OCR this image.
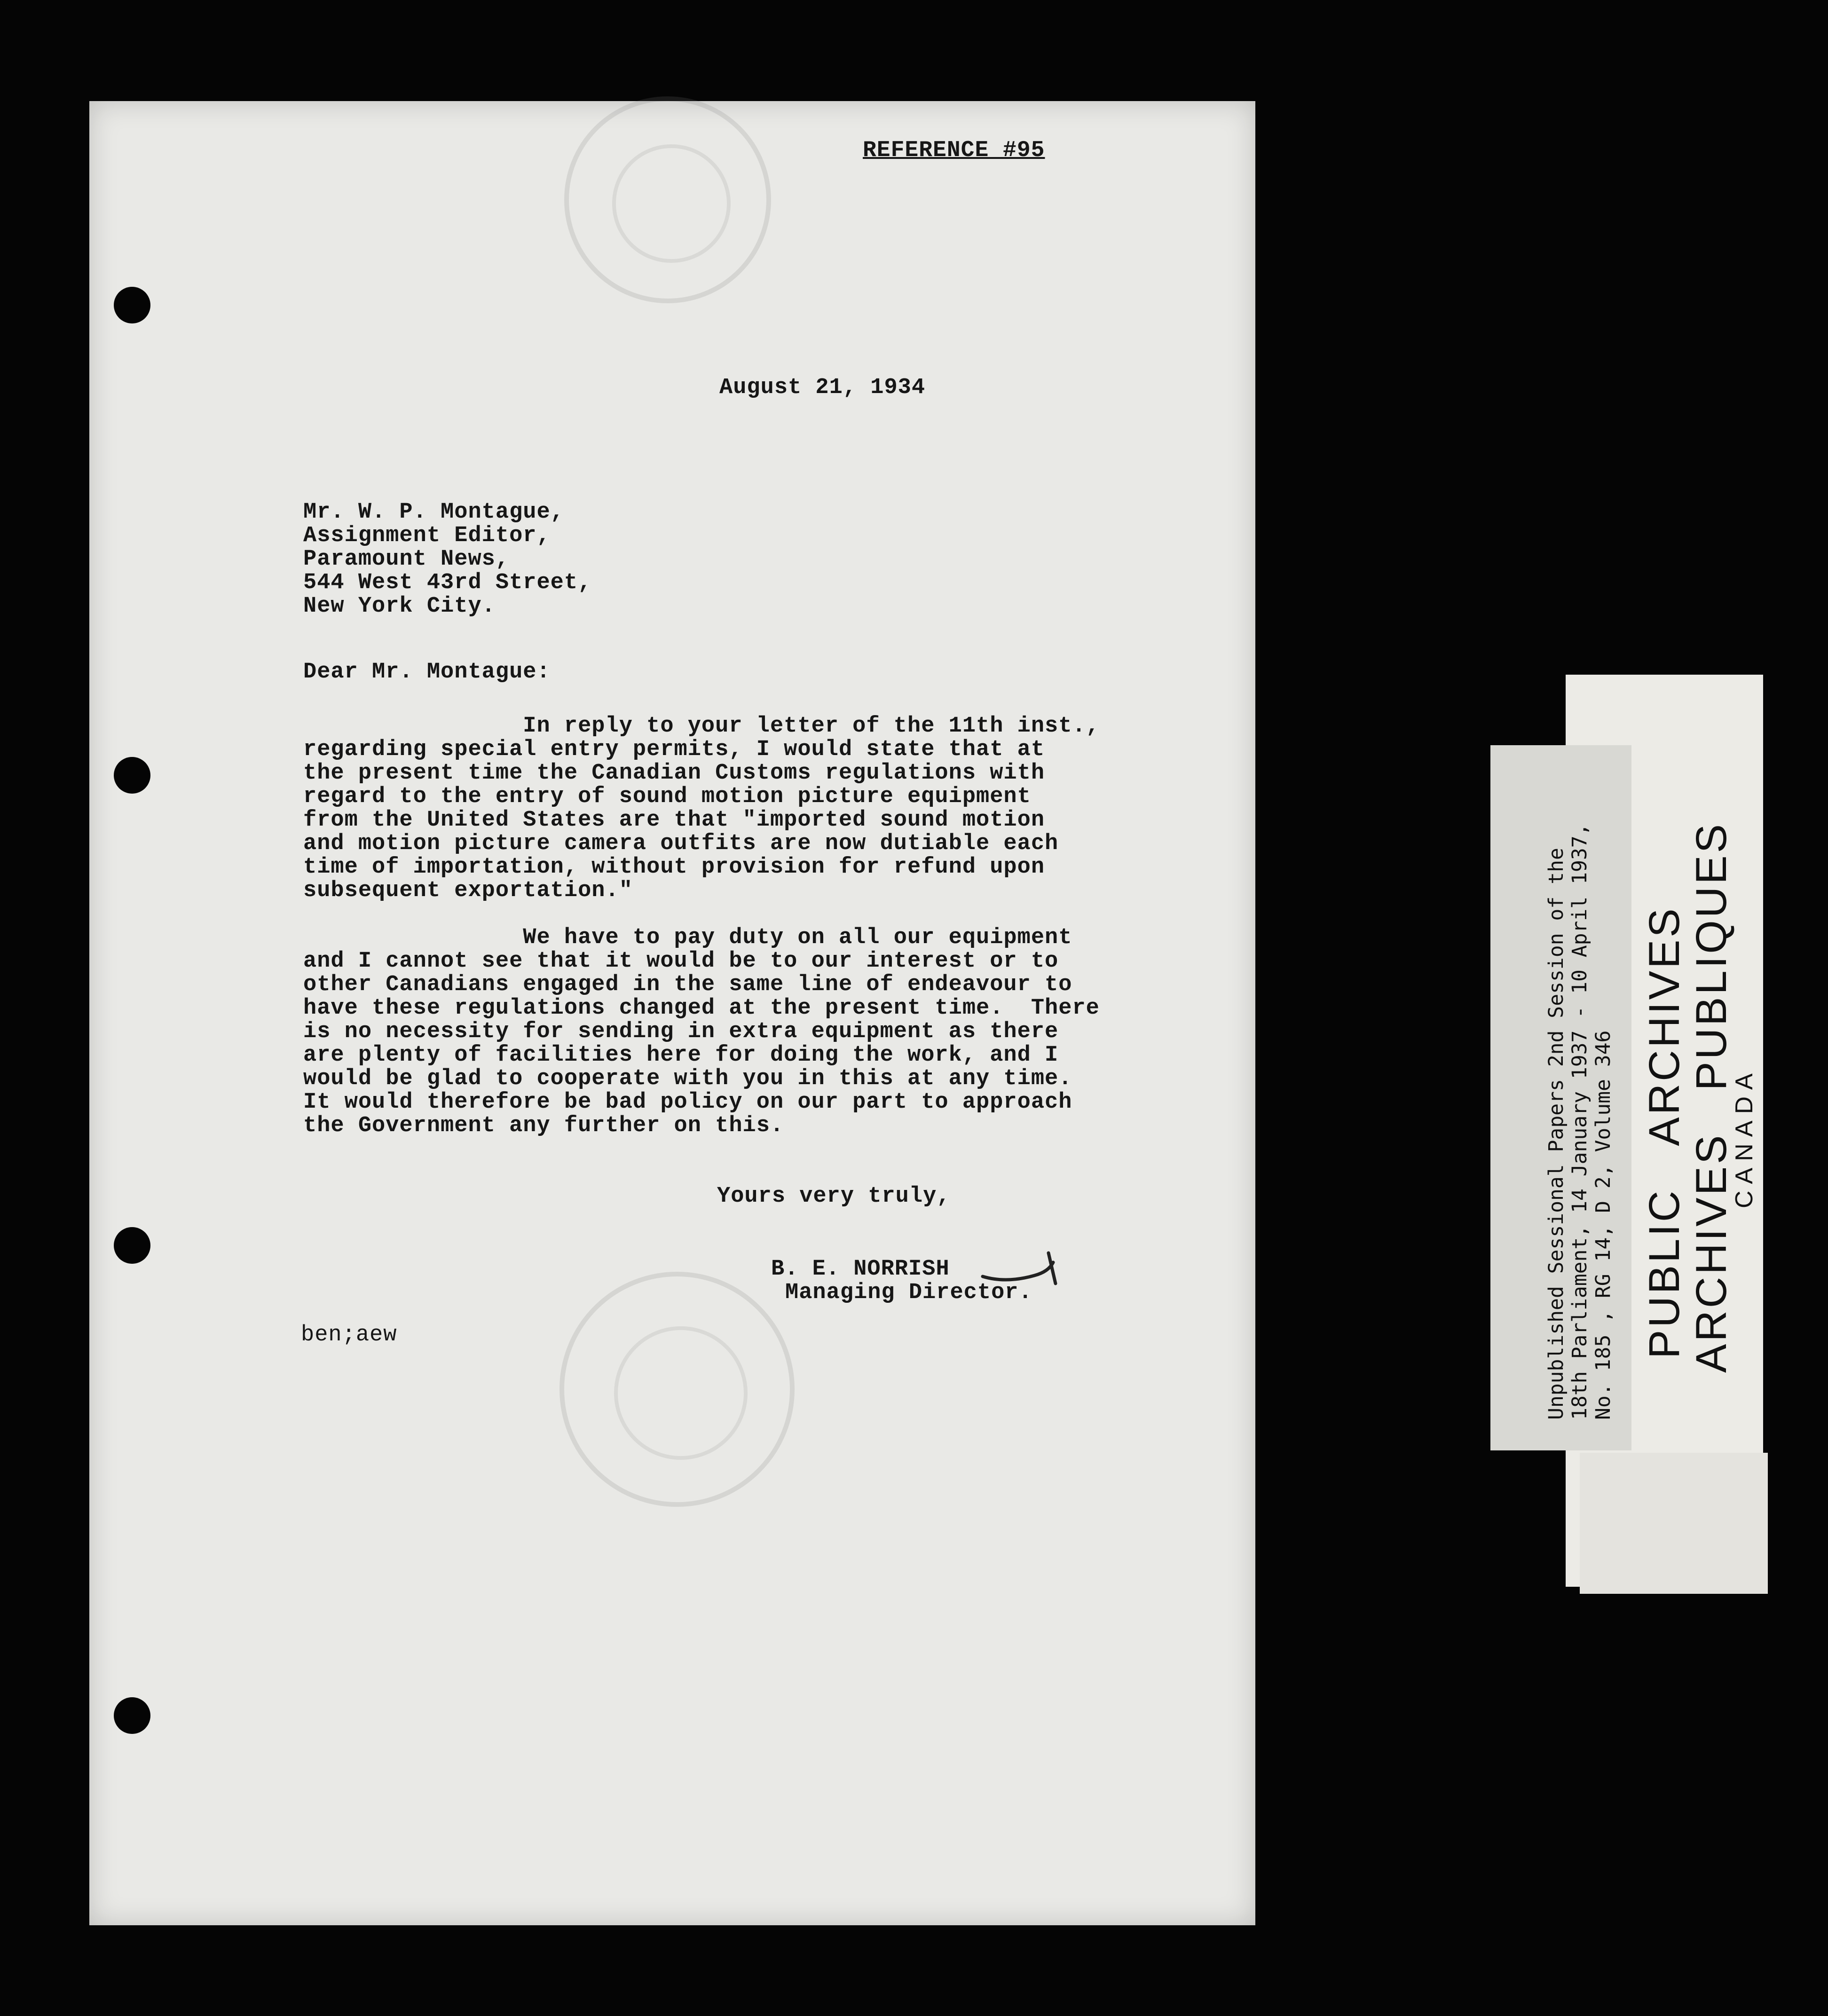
REFERENCE #95
August 21, 1934
Mr. W. P. Montague,
Assignment Editor,
Paramount News,
544 West 43rd Street,
New York City.
Dear Mr. Montague:
In reply to your letter of the 11th inst.,
regarding special entry permits, I would state that at
the present time the Canadian Customs regulations with
regard to the entry of sound motion picture equipment
from the United States are that "imported sound motion
and motion picture camera outfits are now dutiable each
time of importation, without provision for refund upon
subsequent exportation."
We have to pay duty on all our equipment
and I cannot see that it would be to our interest or to
other Canadians engaged in the same line of endeavour to
have these regulations changed at the present time.  There
is no necessity for sending in extra equipment as there
are plenty of facilities here for doing the work, and I
would be glad to cooperate with you in this at any time.
It would therefore be bad policy on our part to approach
the Government any further on this.
Yours very truly,
B. E. NORRISH
Managing Director.
ben;aew	Unpublished Sessional Papers 2nd Session of the 18th Parliament, 14 January 1937 - 10 April 1937, No. 185 , RG 14, D 2, Volume 346
PUBLICARCHIVES
ARCHIVESPUBLIQUES
CANADA
